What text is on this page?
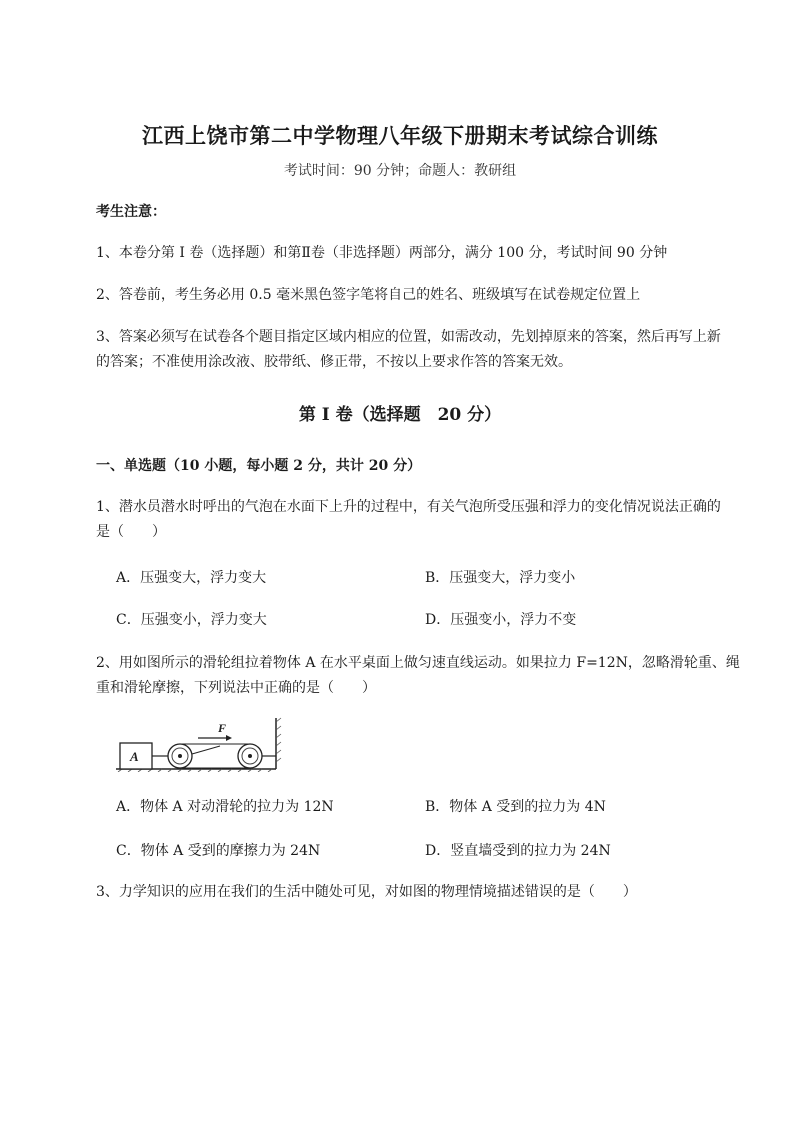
江西上饶市第二中学物理八年级下册期末考试综合训练
考试时间：90 分钟；命题人：教研组
考生注意：
1、本卷分第 I 卷（选择题）和第Ⅱ卷（非选择题）两部分，满分 100 分，考试时间 90 分钟
2、答卷前，考生务必用 0.5 毫米黑色签字笔将自己的姓名、班级填写在试卷规定位置上
3、答案必须写在试卷各个题目指定区域内相应的位置，如需改动，先划掉原来的答案，然后再写上新
的答案；不准使用涂改液、胶带纸、修正带，不按以上要求作答的答案无效。
第 I 卷（选择题　20 分）
一、单选题（10 小题，每小题 2 分，共计 20 分）
1、潜水员潜水时呼出的气泡在水面下上升的过程中，有关气泡所受压强和浮力的变化情况说法正确的
是（　　）
A．压强变大，浮力变大	B．压强变大，浮力变小
C．压强变小，浮力变大	D．压强变小，浮力不变
2、用如图所示的滑轮组拉着物体 A 在水平桌面上做匀速直线运动。如果拉力 F=12N，忽略滑轮重、绳
重和滑轮摩擦，下列说法中正确的是（　　）
A
F
A．物体 A 对动滑轮的拉力为 12N	B．物体 A 受到的拉力为 4N
C．物体 A 受到的摩擦力为 24N	D．竖直墙受到的拉力为 24N
3、力学知识的应用在我们的生活中随处可见，对如图的物理情境描述错误的是（　　）
